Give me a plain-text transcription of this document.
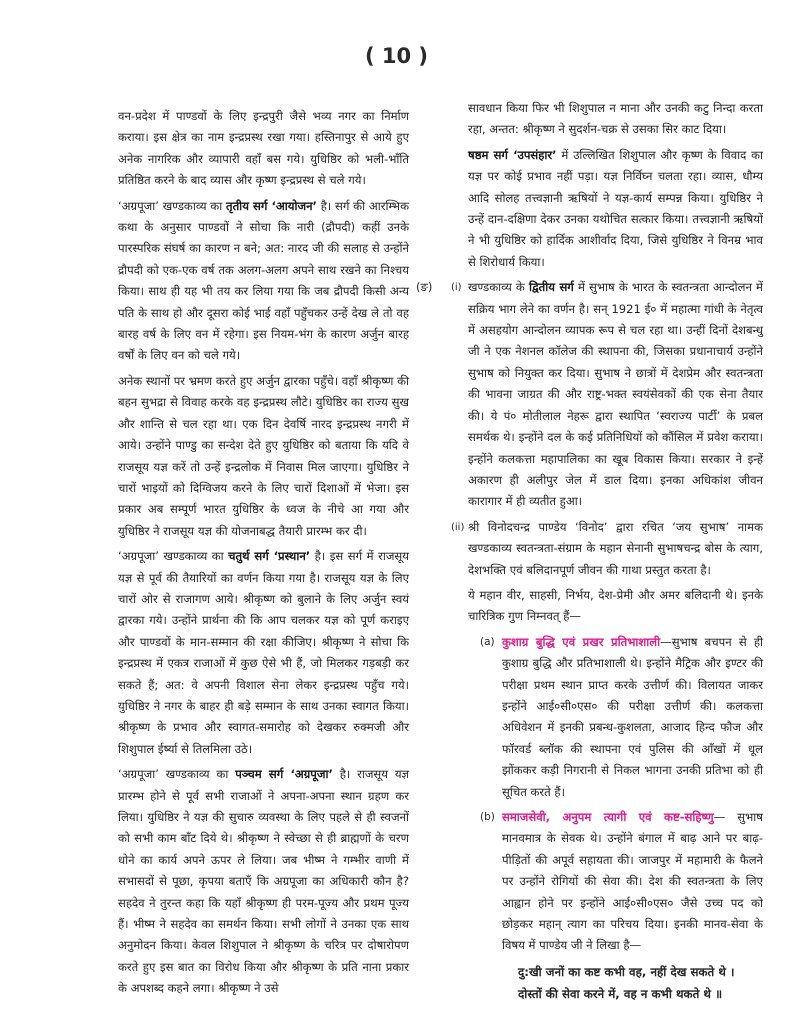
( 10 )

वन-प्रदेश में पाण्डवों के लिए इन्द्रपुरी जैसे भव्य नगर का निर्माण कराया। इस क्षेत्र का नाम इन्द्रप्रस्थ रखा गया। हस्तिनापुर से आये हुए अनेक नागरिक और व्यापारी वहाँ बस गये। युधिष्ठिर को भली-भाँति प्रतिष्ठित करने के बाद व्यास और कृष्ण इन्द्रप्रस्थ से चले गये।

‘अग्रपूजा’ खण्डकाव्य का तृतीय सर्ग ‘आयोजन’ है। सर्ग की आरम्भिक कथा के अनुसार पाण्डवों ने सोचा कि नारी (द्रौपदी) कहीं उनके पारस्परिक संघर्ष का कारण न बने; अत: नारद जी की सलाह से उन्होंने द्रौपदी को एक-एक वर्ष तक अलग-अलग अपने साथ रखने का निश्चय किया। साथ ही यह भी तय कर लिया गया कि जब द्रौपदी किसी अन्य पति के साथ हो और दूसरा कोई भाई वहाँ पहुँचकर उन्हें देख ले तो वह बारह वर्ष के लिए वन में रहेगा। इस नियम-भंग के कारण अर्जुन बारह वर्षों के लिए वन को चले गये।

अनेक स्थानों पर भ्रमण करते हुए अर्जुन द्वारका पहुँचे। वहाँ श्रीकृष्ण की बहन सुभद्रा से विवाह करके वह इन्द्रप्रस्थ लौटे। युधिष्ठिर का राज्य सुख और शान्ति से चल रहा था। एक दिन देवर्षि नारद इन्द्रप्रस्थ नगरी में आये। उन्होंने पाण्डु का सन्देश देते हुए युधिष्ठिर को बताया कि यदि वे राजसूय यज्ञ करें तो उन्हें इन्द्रलोक में निवास मिल जाएगा। युधिष्ठिर ने चारों भाइयों को दिग्विजय करने के लिए चारों दिशाओं में भेजा। इस प्रकार अब सम्पूर्ण भारत युधिष्ठिर के ध्वज के नीचे आ गया और युधिष्ठिर ने राजसूय यज्ञ की योजनाबद्ध तैयारी प्रारम्भ कर दी।

‘अग्रपूजा’ खण्डकाव्य का चतुर्थ सर्ग ‘प्रस्थान’ है। इस सर्ग में राजसूय यज्ञ से पूर्व की तैयारियों का वर्णन किया गया है। राजसूय यज्ञ के लिए चारों ओर से राजागण आये। श्रीकृष्ण को बुलाने के लिए अर्जुन स्वयं द्वारका गये। उन्होंने प्रार्थना की कि आप चलकर यज्ञ को पूर्ण कराइए और पाण्डवों के मान-सम्मान की रक्षा कीजिए। श्रीकृष्ण ने सोचा कि इन्द्रप्रस्थ में एकत्र राजाओं में कुछ ऐसे भी हैं, जो मिलकर गड़बड़ी कर सकते हैं; अत: वे अपनी विशाल सेना लेकर इन्द्रप्रस्थ पहुँच गये। युधिष्ठिर ने नगर के बाहर ही बड़े सम्मान के साथ उनका स्वागत किया। श्रीकृष्ण के प्रभाव और स्वागत-समारोह को देखकर रुक्मजी और शिशुपाल ईर्ष्या से तिलमिला उठे।

‘अग्रपूजा’ खण्डकाव्य का पञ्चम सर्ग ‘अग्रपूजा’ है। राजसूय यज्ञ प्रारम्भ होने से पूर्व सभी राजाओं ने अपना-अपना स्थान ग्रहण कर लिया। युधिष्ठिर ने यज्ञ की सुचारु व्यवस्था के लिए पहले से ही स्वजनों को सभी काम बाँट दिये थे। श्रीकृष्ण ने स्वेच्छा से ही ब्राह्मणों के चरण धोने का कार्य अपने ऊपर ले लिया। जब भीष्म ने गम्भीर वाणी में सभासदों से पूछा, कृपया बताएँ कि अग्रपूजा का अधिकारी कौन है? सहदेव ने तुरन्त कहा कि यहाँ श्रीकृष्ण ही परम-पूज्य और प्रथम पूज्य हैं। भीष्म ने सहदेव का समर्थन किया। सभी लोगों ने उनका एक साथ अनुमोदन किया। केवल शिशुपाल ने श्रीकृष्ण के चरित्र पर दोषारोपण करते हुए इस बात का विरोध किया और श्रीकृष्ण के प्रति नाना प्रकार के अपशब्द कहने लगा। श्रीकृष्ण ने उसे

सावधान किया फिर भी शिशुपाल न माना और उनकी कटु निन्दा करता रहा, अन्तत: श्रीकृष्ण ने सुदर्शन-चक्र से उसका सिर काट दिया।

षष्ठम सर्ग ‘उपसंहार’ में उल्लिखित शिशुपाल और कृष्ण के विवाद का यज्ञ पर कोई प्रभाव नहीं पड़ा। यज्ञ निर्विघ्न चलता रहा। व्यास, धौम्य आदि सोलह तत्त्वज्ञानी ऋषियों ने यज्ञ-कार्य सम्पन्न किया। युधिष्ठिर ने उन्हें दान-दक्षिणा देकर उनका यथोचित सत्कार किया। तत्त्वज्ञानी ऋषियों ने भी युधिष्ठिर को हार्दिक आशीर्वाद दिया, जिसे युधिष्ठिर ने विनम्र भाव से शिरोधार्य किया।

(ङ) (i) खण्डकाव्य के द्वितीय सर्ग में सुभाष के भारत के स्वतन्त्रता आन्दोलन में सक्रिय भाग लेने का वर्णन है। सन् 1921 ई० में महात्मा गांधी के नेतृत्व में असहयोग आन्दोलन व्यापक रूप से चल रहा था। उन्हीं दिनों देशबन्धु जी ने एक नेशनल कॉलेज की स्थापना की, जिसका प्रधानाचार्य उन्होंने सुभाष को नियुक्त कर दिया। सुभाष ने छात्रों में देशप्रेम और स्वतन्त्रता की भावना जाग्रत की और राष्ट्र-भक्त स्वयंसेवकों की एक सेना तैयार की। ये पं० मोतीलाल नेहरू द्वारा स्थापित ‘स्वराज्य पार्टी’ के प्रबल समर्थक थे। इन्होंने दल के कई प्रतिनिधियों को कौंसिल में प्रवेश कराया। इन्होंने कलकत्ता महापालिका का खूब विकास किया। सरकार ने इन्हें अकारण ही अलीपुर जेल में डाल दिया। इनका अधिकांश जीवन कारागार में ही व्यतीत हुआ।

(ii) श्री विनोदचन्द्र पाण्डेय ‘विनोद’ द्वारा रचित ‘जय सुभाष’ नामक खण्डकाव्य स्वतन्त्रता-संग्राम के महान सेनानी सुभाषचन्द्र बोस के त्याग, देशभक्ति एवं बलिदानपूर्ण जीवन की गाथा प्रस्तुत करता है।

ये महान वीर, साहसी, निर्भय, देश-प्रेमी और अमर बलिदानी थे। इनके चारित्रिक गुण निम्नवत् हैं—

(a) कुशाग्र बुद्धि एवं प्रखर प्रतिभाशाली—सुभाष बचपन से ही कुशाग्र बुद्धि और प्रतिभाशाली थे। इन्होंने मैट्रिक और इण्टर की परीक्षा प्रथम स्थान प्राप्त करके उत्तीर्ण की। विलायत जाकर इन्होंने आई०सी०एस० की परीक्षा उत्तीर्ण की। कलकत्ता अधिवेशन में इनकी प्रबन्ध-कुशलता, आजाद हिन्द फौज और फॉरवर्ड ब्लॉक की स्थापना एवं पुलिस की आँखों में धूल झोंककर कड़ी निगरानी से निकल भागना उनकी प्रतिभा को ही सूचित करते हैं।

(b) समाजसेवी, अनुपम त्यागी एवं कष्ट-सहिष्णु— सुभाष मानवमात्र के सेवक थे। उन्होंने बंगाल में बाढ़ आने पर बाढ़-पीड़ितों की अपूर्व सहायता की। जाजपुर में महामारी के फैलने पर उन्होंने रोगियों की सेवा की। देश की स्वतन्त्रता के लिए आह्वान होने पर इन्होंने आई०सी०एस० जैसे उच्च पद को छोड़कर महान् त्याग का परिचय दिया। इनकी मानव-सेवा के विषय में पाण्डेय जी ने लिखा है—

दु:खी जनों का कष्ट कभी वह, नहीं देख सकते थे ।
दोस्तों की सेवा करने में, वह न कभी थकते थे ॥
